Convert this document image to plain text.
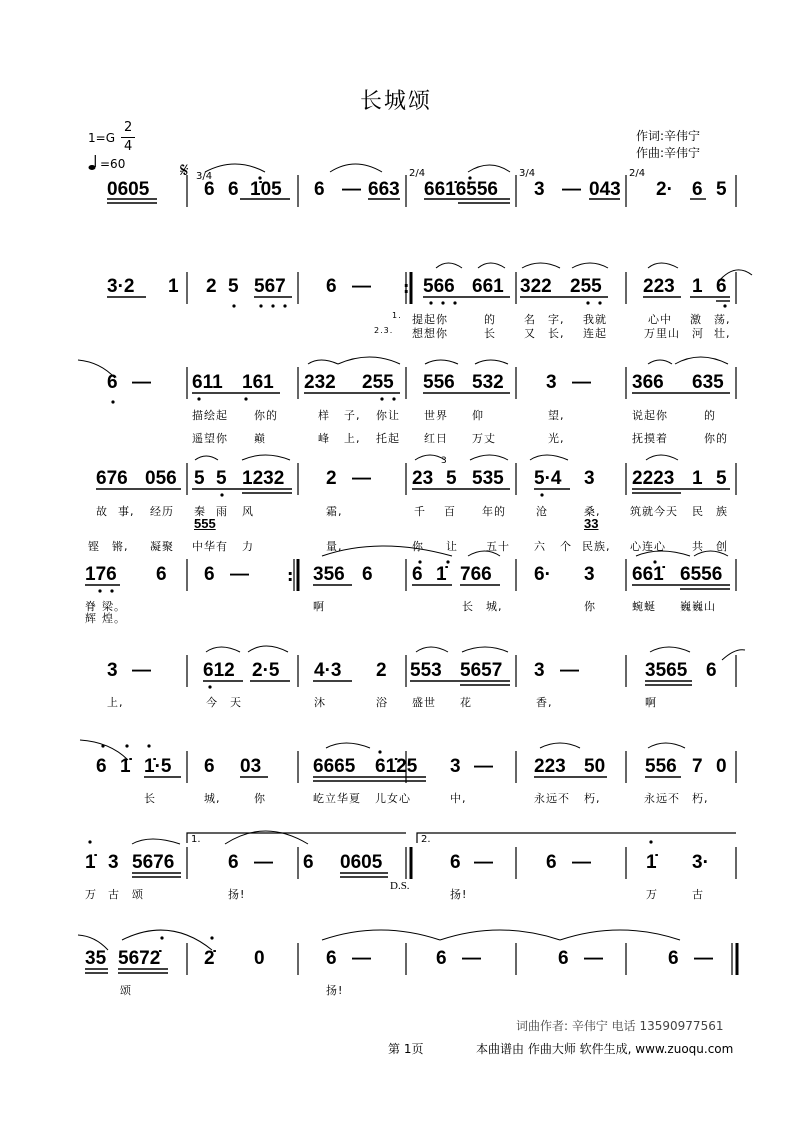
长城颂
1=G
2
4
=60
作词:辛伟宁
作曲:辛伟宁
𝄋 3/4	2/4	3/4	2/4
0605	6 6 1̇05 6 — 663 661̇6556 3 — 043 2· 6 5
3·2 1 2 5 567 6 —	566 661 322 255 223 1 6
:
1. 提起你	的	名 字, 我就	心中 激 荡,
2.3. 想想你	长	又 长, 连起	万里山 河 壮,
6 — 611 161 232 255 556 532 3 — 366 635
描绘起 你的	样 子, 你让 世界 仰	望,	说起你	的
遥望你 巅	峰 上, 托起 红日 万丈	光,	抚摸着	你的
676 056 5 5 1232 2 —
3
23 5 535 5·4 3 2223 1 5
故 事, 经历 秦 雨 风	霜,	千 百 年的	沧	桑,	筑就今天 民 族
555	33
铿 锵, 凝聚 中华有 力	量,	你 让	五十 六 个 民族, 心连心 共 创
176 6 6 — : 356 6 6 1̇ 766 6· 3 661̇ 6556
脊 梁。	啊	长 城,	你	蜿蜒 巍巍山
辉 煌。
3 —	612 2·5 4·3 2 553 5657 3 —	3565 6
上,	今 天	沐	浴 盛世 花	香,	啊
6 1̇ 1̇·5 6 03	6665 61̇25 3 — 223 50 556 7 0
长	城,	你	屹立华夏 儿女心	中,	永远不 朽,	永远不 朽,
1.	2.
1̇ 3 5676	6 — 6 0605	6 —	6 —	1̇ 3·
万 古 颂	扬!
D.S.
扬!	万	古
35 5672̇ 2̇ 0	6 —	6 —	6 —	6 —
颂	扬!
词曲作者: 辛伟宁 电话 13590977561
第 1页	本曲谱由 作曲大师 软件生成, www.zuoqu.com
